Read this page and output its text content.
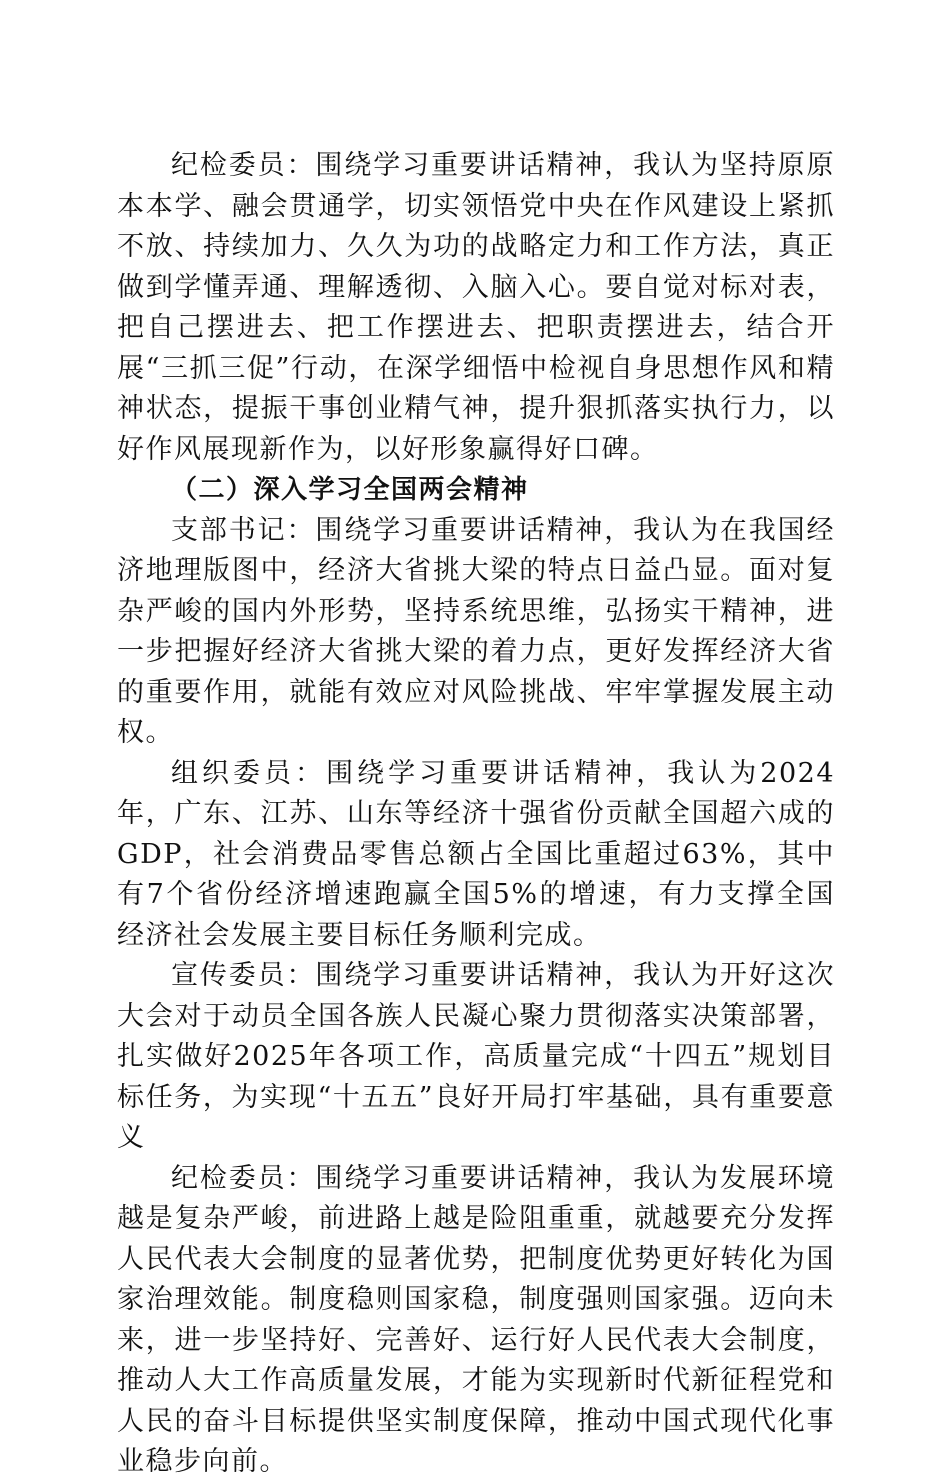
纪检委员：围绕学习重要讲话精神，我认为坚持原原本本学、融会贯通学，切实领悟党中央在作风建设上紧抓不放、持续加力、久久为功的战略定力和工作方法，真正做到学懂弄通、理解透彻、入脑入心。要自觉对标对表，把自己摆进去、把工作摆进去、把职责摆进去，结合开展“三抓三促”行动，在深学细悟中检视自身思想作风和精神状态，提振干事创业精气神，提升狠抓落实执行力，以好作风展现新作为，以好形象赢得好口碑。

（二）深入学习全国两会精神

支部书记：围绕学习重要讲话精神，我认为在我国经济地理版图中，经济大省挑大梁的特点日益凸显。面对复杂严峻的国内外形势，坚持系统思维，弘扬实干精神，进一步把握好经济大省挑大梁的着力点，更好发挥经济大省的重要作用，就能有效应对风险挑战、牢牢掌握发展主动权。

组织委员：围绕学习重要讲话精神，我认为2024年，广东、江苏、山东等经济十强省份贡献全国超六成的GDP，社会消费品零售总额占全国比重超过63%，其中有7个省份经济增速跑赢全国5%的增速，有力支撑全国经济社会发展主要目标任务顺利完成。

宣传委员：围绕学习重要讲话精神，我认为开好这次大会对于动员全国各族人民凝心聚力贯彻落实决策部署，扎实做好2025年各项工作，高质量完成“十四五”规划目标任务，为实现“十五五”良好开局打牢基础，具有重要意义

纪检委员：围绕学习重要讲话精神，我认为发展环境越是复杂严峻，前进路上越是险阻重重，就越要充分发挥人民代表大会制度的显著优势，把制度优势更好转化为国家治理效能。制度稳则国家稳，制度强则国家强。迈向未来，进一步坚持好、完善好、运行好人民代表大会制度，推动人大工作高质量发展，才能为实现新时代新征程党和人民的奋斗目标提供坚实制度保障，推动中国式现代化事业稳步向前。
